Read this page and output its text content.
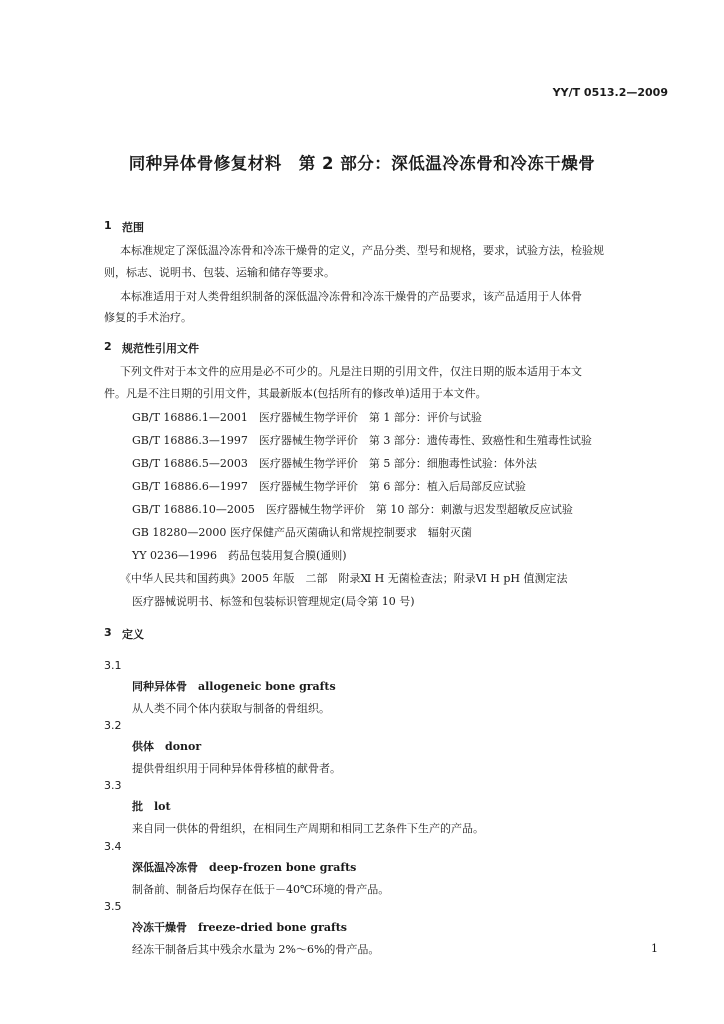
YY/T 0513.2—2009
同种异体骨修复材料　第 2 部分：深低温冷冻骨和冷冻干燥骨
1 范围
本标准规定了深低温冷冻骨和冷冻干燥骨的定义，产品分类、型号和规格，要求，试验方法，检验规
则，标志、说明书、包装、运输和储存等要求。
本标准适用于对人类骨组织制备的深低温冷冻骨和冷冻干燥骨的产品要求，该产品适用于人体骨
修复的手术治疗。
2 规范性引用文件
下列文件对于本文件的应用是必不可少的。凡是注日期的引用文件，仅注日期的版本适用于本文
件。凡是不注日期的引用文件，其最新版本(包括所有的修改单)适用于本文件。
GB/T 16886.1—2001　医疗器械生物学评价　第 1 部分：评价与试验
GB/T 16886.3—1997　医疗器械生物学评价　第 3 部分：遗传毒性、致癌性和生殖毒性试验
GB/T 16886.5—2003　医疗器械生物学评价　第 5 部分：细胞毒性试验：体外法
GB/T 16886.6—1997　医疗器械生物学评价　第 6 部分：植入后局部反应试验
GB/T 16886.10—2005　医疗器械生物学评价　第 10 部分：刺激与迟发型超敏反应试验
GB 18280—2000 医疗保健产品灭菌确认和常规控制要求　辐射灭菌
YY 0236—1996　药品包装用复合膜(通则)
《中华人民共和国药典》2005 年版　二部　附录Ⅺ H 无菌检查法；附录Ⅵ H pH 值测定法
医疗器械说明书、标签和包装标识管理规定(局令第 10 号)
3 定义
3.1
同种异体骨　allogeneic bone grafts
从人类不同个体内获取与制备的骨组织。
3.2
供体　donor
提供骨组织用于同种异体骨移植的献骨者。
3.3
批　lot
来自同一供体的骨组织，在相同生产周期和相同工艺条件下生产的产品。
3.4
深低温冷冻骨　deep-frozen bone grafts
制备前、制备后均保存在低于－40℃环境的骨产品。
3.5
冷冻干燥骨　freeze-dried bone grafts
经冻干制备后其中残余水量为 2%～6%的骨产品。	1
